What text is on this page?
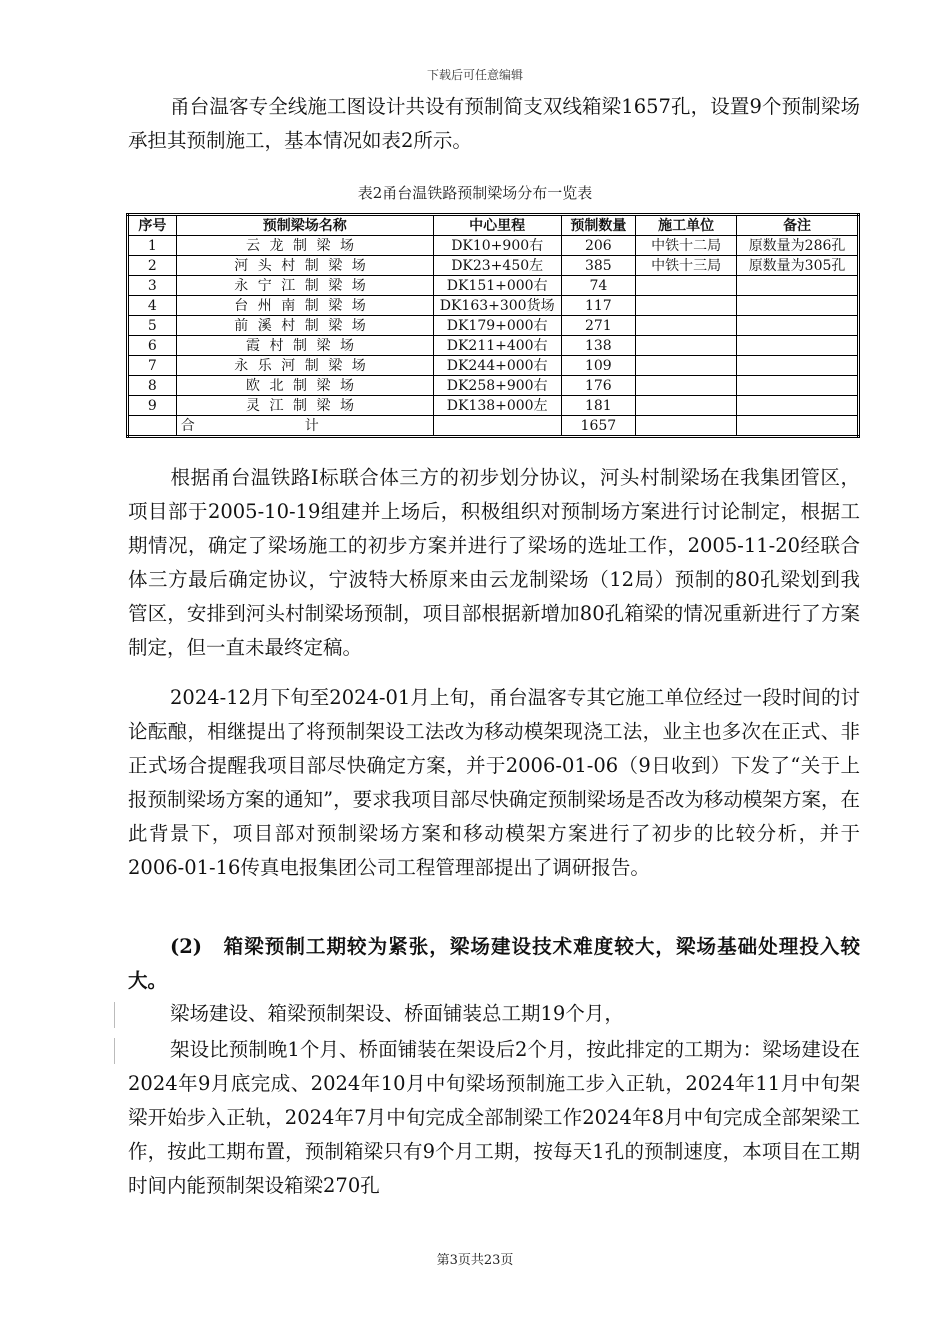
下载后可任意编辑

甬台温客专全线施工图设计共设有预制简支双线箱梁1657孔，设置9个预制梁场承担其预制施工，基本情况如表2所示。

表2甬台温铁路预制梁场分布一览表
序号	预制梁场名称	中心里程	预制数量	施工单位	备注
1	云龙制梁场	DK10+900右	206	中铁十二局	原数量为286孔
2	河头村制梁场	DK23+450左	385	中铁十三局	原数量为305孔
3	永宁江制梁场	DK151+000右	74		
4	台州南制梁场	DK163+300货场	117		
5	前溪村制梁场	DK179+000右	271		
6	霞村制梁场	DK211+400右	138		
7	永乐河制梁场	DK244+000右	109		
8	欧北制梁场	DK258+900右	176		
9	灵江制梁场	DK138+000左	181		
	合计		1657		

根据甬台温铁路I标联合体三方的初步划分协议，河头村制梁场在我集团管区，项目部于2005-10-19组建并上场后，积极组织对预制场方案进行讨论制定，根据工期情况，确定了梁场施工的初步方案并进行了梁场的选址工作，2005-11-20经联合体三方最后确定协议，宁波特大桥原来由云龙制梁场（12局）预制的80孔梁划到我管区，安排到河头村制梁场预制，项目部根据新增加80孔箱梁的情况重新进行了方案制定，但一直未最终定稿。

2024-12月下旬至2024-01月上旬，甬台温客专其它施工单位经过一段时间的讨论酝酿，相继提出了将预制架设工法改为移动模架现浇工法，业主也多次在正式、非正式场合提醒我项目部尽快确定方案，并于2006-01-06（9日收到）下发了“关于上报预制梁场方案的通知”，要求我项目部尽快确定预制梁场是否改为移动模架方案，在此背景下，项目部对预制梁场方案和移动模架方案进行了初步的比较分析，并于2006-01-16传真电报集团公司工程管理部提出了调研报告。

(2)　箱梁预制工期较为紧张，梁场建设技术难度较大，梁场基础处理投入较大。

梁场建设、箱梁预制架设、桥面铺装总工期19个月，

架设比预制晚1个月、桥面铺装在架设后2个月，按此排定的工期为：梁场建设在2024年9月底完成、2024年10月中旬梁场预制施工步入正轨，2024年11月中旬架梁开始步入正轨，2024年7月中旬完成全部制梁工作2024年8月中旬完成全部架梁工作，按此工期布置，预制箱梁只有9个月工期，按每天1孔的预制速度，本项目在工期时间内能预制架设箱梁270孔

第3页共23页
